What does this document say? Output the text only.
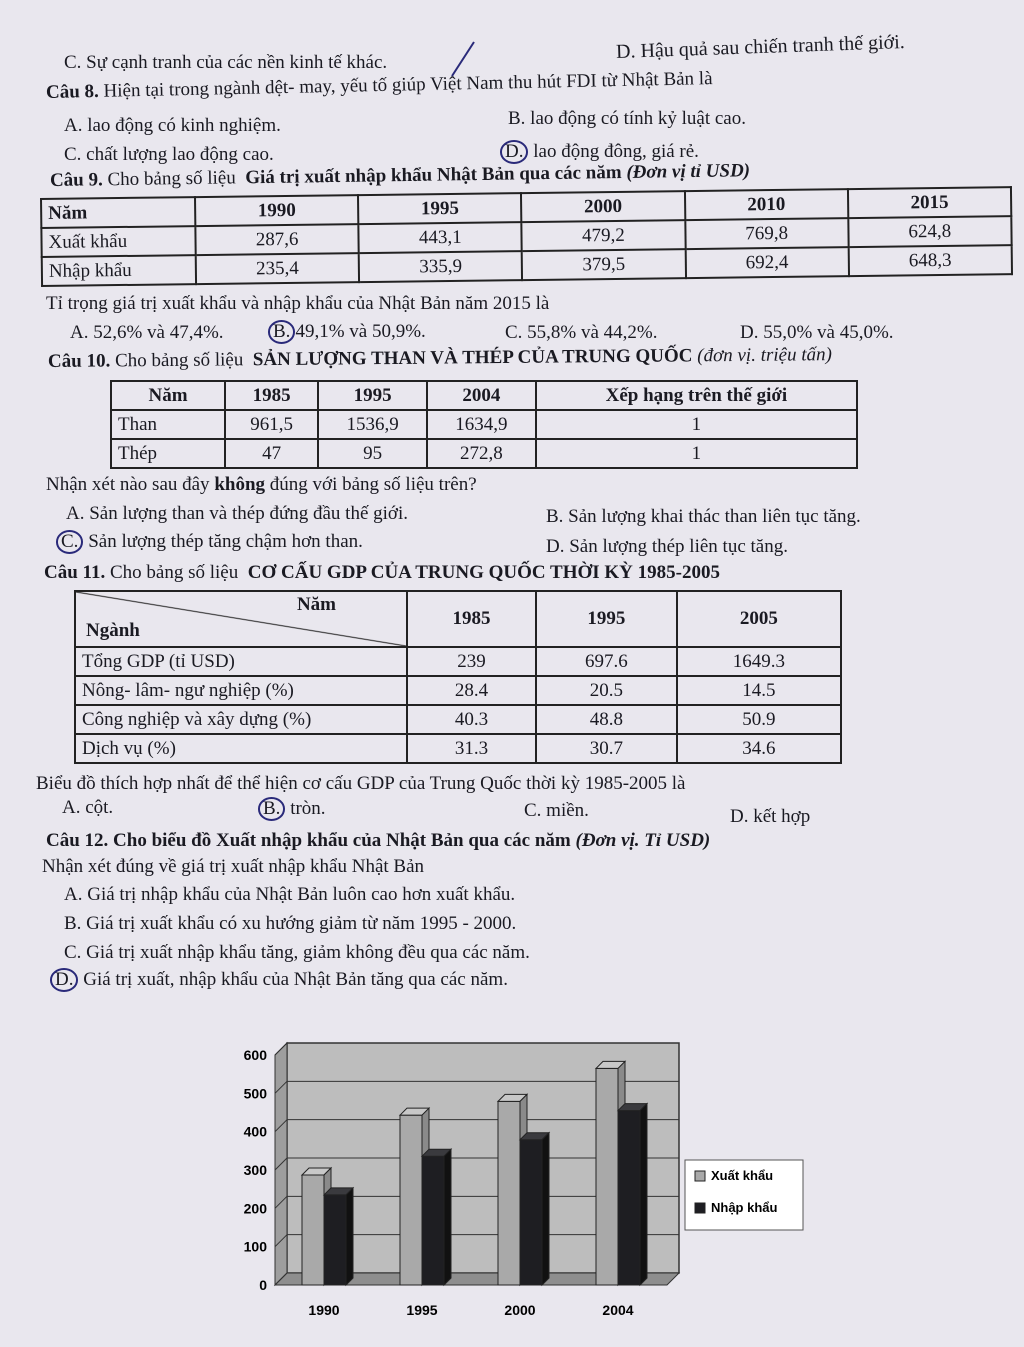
C. Sự cạnh tranh của các nền kinh tế khác.	D. Hậu quả sau chiến tranh thế giới.
Câu 8. Hiện tại trong ngành dệt- may, yếu tố giúp Việt Nam thu hút FDI từ Nhật Bản là
A. lao động có kinh nghiệm.	B. lao động có tính kỷ luật cao.
C. chất lượng lao động cao.	D. lao động đông, giá rẻ.
Câu 9. Cho bảng số liệu Giá trị xuất nhập khẩu Nhật Bản qua các năm (Đơn vị tỉ USD)
Năm	1990	1995	2000	2010	2015
Xuất khẩu	287,6	443,1	479,2	769,8	624,8
Nhập khẩu	235,4	335,9	379,5	692,4	648,3
Tỉ trọng giá trị xuất khẩu và nhập khẩu của Nhật Bản năm 2015 là
A. 52,6% và 47,4%.	B. 49,1% và 50,9%.	C. 55,8% và 44,2%.	D. 55,0% và 45,0%.
Câu 10. Cho bảng số liệu SẢN LƯỢNG THAN VÀ THÉP CỦA TRUNG QUỐC (đơn vị. triệu tấn)
Năm	1985	1995	2004	Xếp hạng trên thế giới
Than	961,5	1536,9	1634,9	1
Thép	47	95	272,8	1
Nhận xét nào sau đây không đúng với bảng số liệu trên?
A. Sản lượng than và thép đứng đầu thế giới.	B. Sản lượng khai thác than liên tục tăng.
C. Sản lượng thép tăng chậm hơn than.	D. Sản lượng thép liên tục tăng.
Câu 11. Cho bảng số liệu CƠ CẤU GDP CỦA TRUNG QUỐC THỜI KỲ 1985-2005
Năm
Ngành	1985	1995	2005
Tổng GDP (tỉ USD)	239	697.6	1649.3
Nông- lâm- ngư nghiệp (%)	28.4	20.5	14.5
Công nghiệp và xây dựng (%)	40.3	48.8	50.9
Dịch vụ (%)	31.3	30.7	34.6
Biểu đồ thích hợp nhất để thể hiện cơ cấu GDP của Trung Quốc thời kỳ 1985-2005 là
A. cột.	B. tròn.	C. miền.	D. kết hợp
Câu 12. Cho biểu đồ Xuất nhập khẩu của Nhật Bản qua các năm (Đơn vị. Tỉ USD)
Nhận xét đúng về giá trị xuất nhập khẩu Nhật Bản
A. Giá trị nhập khẩu của Nhật Bản luôn cao hơn xuất khẩu.
B. Giá trị xuất khẩu có xu hướng giảm từ năm 1995 - 2000.
C. Giá trị xuất nhập khẩu tăng, giảm không đều qua các năm.
D. Giá trị xuất, nhập khẩu của Nhật Bản tăng qua các năm.
0
100
200
300
400
500
600
1990	1995	2000	2004
Xuất khẩu
Nhập khẩu
